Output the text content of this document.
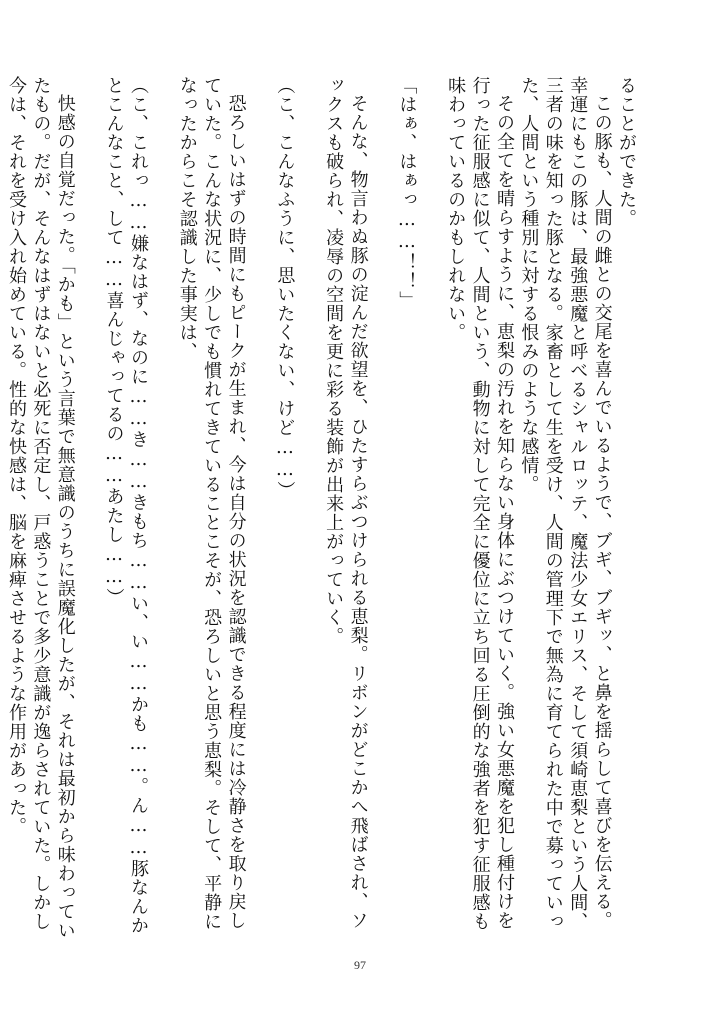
ることができた。

この豚も、人間の雌との交尾を喜んでいるようで、ブギ、ブギッ、と鼻を揺らして喜びを伝える。幸運にもこの豚は、最強悪魔と呼べるシャルロッテ、魔法少女エリス、そして須崎恵梨という人間、三者の味を知った豚となる。家畜として生を受け、人間の管理下で無為に育てられた中で募っていった、人間という種別に対する恨みのような感情。

その全てを晴らすように、恵梨の汚れを知らない身体にぶつけていく。強い女悪魔を犯し種付けを行った征服感に似て、人間という、動物に対して完全に優位に立ち回る圧倒的な強者を犯す征服感も味わっているのかもしれない。

「はぁ、はぁっ……！！」

そんな、物言わぬ豚の淀んだ欲望を、ひたすらぶつけられる恵梨。リボンがどこかへ飛ばされ、ソックスも破られ、凌辱の空間を更に彩る装飾が出来上がっていく。

（こ、こんなふうに、思いたくない、けど……）

恐ろしいはずの時間にもピークが生まれ、今は自分の状況を認識できる程度には冷静さを取り戻していた。こんな状況に、少しでも慣れてきていることこそが、恐ろしいと思う恵梨。そして、平静になったからこそ認識した事実は、

（こ、これっ……嫌なはず、なのに……き……きもち……い、い……かも……。ん……豚なんかとこんなこと、して……喜んじゃってるの……あたし……）

快感の自覚だった。「かも」という言葉で無意識のうちに誤魔化したが、それは最初から味わっていたもの。だが、そんなはずはないと必死に否定し、戸惑うことで多少意識が逸らされていた。しかし今は、それを受け入れ始めている。性的な快感は、脳を麻痺させるような作用があった。

97
